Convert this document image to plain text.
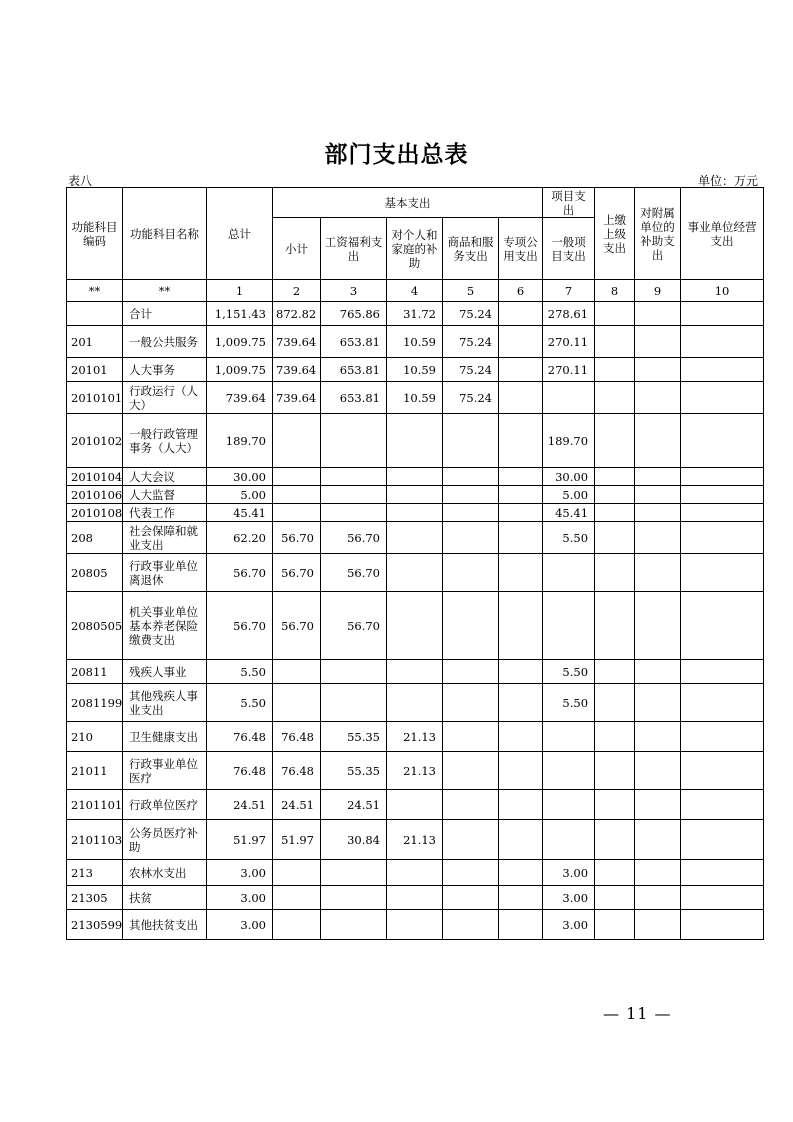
部门支出总表
表八	单位：万元
功能科目编码	功能科目名称	总计	基本支出					项目支出	上缴上级支出	对附属单位的补助支出	事业单位经营支出
			小计	工资福利支出	对个人和家庭的补助	商品和服务支出	专项公用支出	一般项目支出			
**	**	1	2	3	4	5	6	7	8	9	10
	合计	1,151.43	872.82	765.86	31.72	75.24		278.61			
201	一般公共服务	1,009.75	739.64	653.81	10.59	75.24		270.11			
20101	人大事务	1,009.75	739.64	653.81	10.59	75.24		270.11			
2010101	行政运行（人大）	739.64	739.64	653.81	10.59	75.24					
2010102	一般行政管理事务（人大）	189.70						189.70			
2010104	人大会议	30.00						30.00			
2010106	人大监督	5.00						5.00			
2010108	代表工作	45.41						45.41			
208	社会保障和就业支出	62.20	56.70	56.70				5.50			
20805	行政事业单位离退休	56.70	56.70	56.70							
2080505	机关事业单位基本养老保险缴费支出	56.70	56.70	56.70							
20811	残疾人事业	5.50						5.50			
2081199	其他残疾人事业支出	5.50						5.50			
210	卫生健康支出	76.48	76.48	55.35	21.13						
21011	行政事业单位医疗	76.48	76.48	55.35	21.13						
2101101	行政单位医疗	24.51	24.51	24.51							
2101103	公务员医疗补助	51.97	51.97	30.84	21.13						
213	农林水支出	3.00						3.00			
21305	扶贫	3.00						3.00			
2130599	其他扶贫支出	3.00						3.00			
— 11 —
